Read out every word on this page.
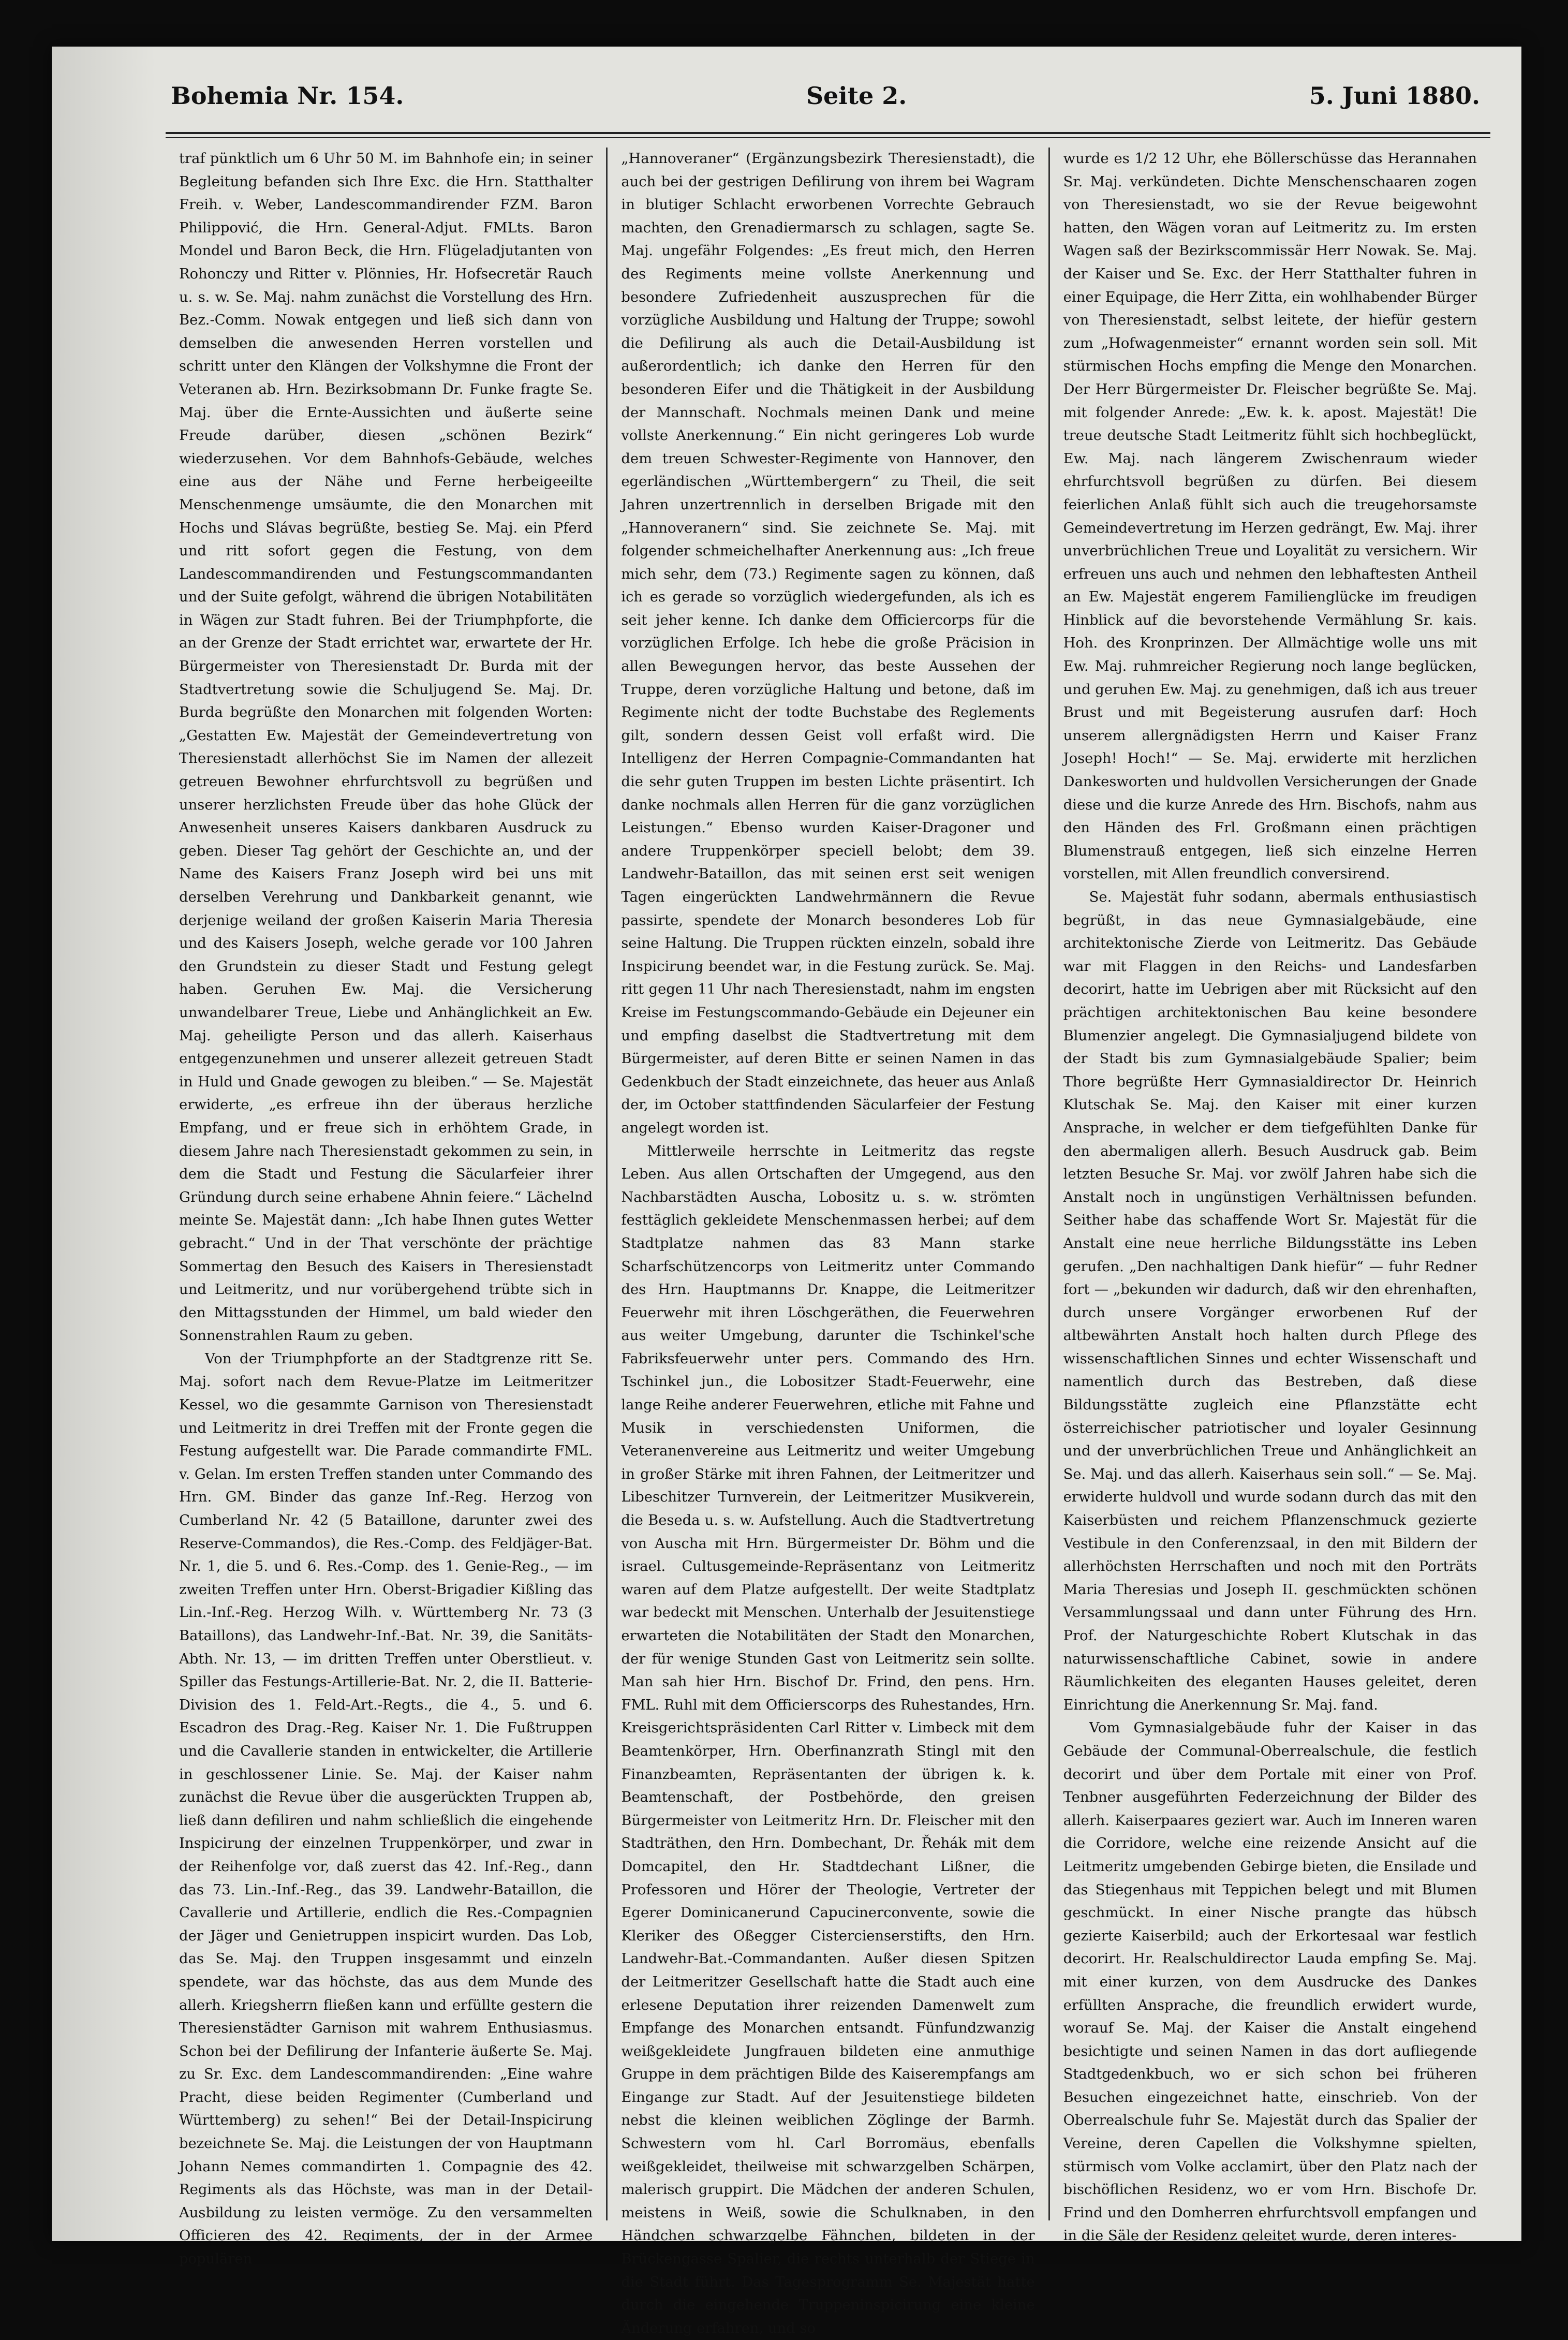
Bohemia Nr. 154.	Seite 2.	5. Juni 1880.

traf pünktlich um 6 Uhr 50 M. im Bahnhofe ein; in seiner Begleitung befanden sich Ihre Exc. die Hrn. Statthalter Freih. v. Weber, Landescommandirender FZM. Baron Philippović, die Hrn. General-Adjut. FMLts. Baron Mondel und Baron Beck, die Hrn. Flügeladjutanten von Rohonczy und Ritter v. Plönnies, Hr. Hofsecretär Rauch u. s. w. Se. Maj. nahm zunächst die Vorstellung des Hrn. Bez.-Comm. Nowak entgegen und ließ sich dann von demselben die anwesenden Herren vorstellen und schritt unter den Klängen der Volkshymne die Front der Veteranen ab. Hrn. Bezirksobmann Dr. Funke fragte Se. Maj. über die Ernte-Aussichten und äußerte seine Freude darüber, diesen „schönen Bezirk“ wiederzusehen. Vor dem Bahnhofs-Gebäude, welches eine aus der Nähe und Ferne herbeigeeilte Menschenmenge umsäumte, die den Monarchen mit Hochs und Slávas begrüßte, bestieg Se. Maj. ein Pferd und ritt sofort gegen die Festung, von dem Landescommandirenden und Festungscommandanten und der Suite gefolgt, während die übrigen Notabilitäten in Wägen zur Stadt fuhren. Bei der Triumphpforte, die an der Grenze der Stadt errichtet war, erwartete der Hr. Bürgermeister von Theresienstadt Dr. Burda mit der Stadtvertretung sowie die Schuljugend Se. Maj. Dr. Burda begrüßte den Monarchen mit folgenden Worten: „Gestatten Ew. Majestät der Gemeindevertretung von Theresienstadt allerhöchst Sie im Namen der allezeit getreuen Bewohner ehrfurchtsvoll zu begrüßen und unserer herzlichsten Freude über das hohe Glück der Anwesenheit unseres Kaisers dankbaren Ausdruck zu geben. Dieser Tag gehört der Geschichte an, und der Name des Kaisers Franz Joseph wird bei uns mit derselben Verehrung und Dankbarkeit genannt, wie derjenige weiland der großen Kaiserin Maria Theresia und des Kaisers Joseph, welche gerade vor 100 Jahren den Grundstein zu dieser Stadt und Festung gelegt haben. Geruhen Ew. Maj. die Versicherung unwandelbarer Treue, Liebe und Anhänglichkeit an Ew. Maj. geheiligte Person und das allerh. Kaiserhaus entgegenzunehmen und unserer allezeit getreuen Stadt in Huld und Gnade gewogen zu bleiben.“ — Se. Majestät erwiderte, „es erfreue ihn der überaus herzliche Empfang, und er freue sich in erhöhtem Grade, in diesem Jahre nach Theresienstadt gekommen zu sein, in dem die Stadt und Festung die Säcularfeier ihrer Gründung durch seine erhabene Ahnin feiere.“ Lächelnd meinte Se. Majestät dann: „Ich habe Ihnen gutes Wetter gebracht.“ Und in der That verschönte der prächtige Sommertag den Besuch des Kaisers in Theresienstadt und Leitmeritz, und nur vorübergehend trübte sich in den Mittagsstunden der Himmel, um bald wieder den Sonnenstrahlen Raum zu geben.

Von der Triumphpforte an der Stadtgrenze ritt Se. Maj. sofort nach dem Revue-Platze im Leitmeritzer Kessel, wo die gesammte Garnison von Theresienstadt und Leitmeritz in drei Treffen mit der Fronte gegen die Festung aufgestellt war. Die Parade commandirte FML. v. Gelan. Im ersten Treffen standen unter Commando des Hrn. GM. Binder das ganze Inf.-Reg. Herzog von Cumberland Nr. 42 (5 Bataillone, darunter zwei des Reserve-Commandos), die Res.-Comp. des Feldjäger-Bat. Nr. 1, die 5. und 6. Res.-Comp. des 1. Genie-Reg., — im zweiten Treffen unter Hrn. Oberst-Brigadier Kißling das Lin.-Inf.-Reg. Herzog Wilh. v. Württemberg Nr. 73 (3 Bataillons), das Landwehr-Inf.-Bat. Nr. 39, die Sanitäts-Abth. Nr. 13, — im dritten Treffen unter Oberstlieut. v. Spiller das Festungs-Artillerie-Bat. Nr. 2, die II. Batterie-Division des 1. Feld-Art.-Regts., die 4., 5. und 6. Escadron des Drag.-Reg. Kaiser Nr. 1. Die Fußtruppen und die Cavallerie standen in entwickelter, die Artillerie in geschlossener Linie. Se. Maj. der Kaiser nahm zunächst die Revue über die ausgerückten Truppen ab, ließ dann defiliren und nahm schließlich die eingehende Inspicirung der einzelnen Truppenkörper, und zwar in der Reihenfolge vor, daß zuerst das 42. Inf.-Reg., dann das 73. Lin.-Inf.-Reg., das 39. Landwehr-Bataillon, die Cavallerie und Artillerie, endlich die Res.-Compagnien der Jäger und Genietruppen inspicirt wurden. Das Lob, das Se. Maj. den Truppen insgesammt und einzeln spendete, war das höchste, das aus dem Munde des allerh. Kriegsherrn fließen kann und erfüllte gestern die Theresienstädter Garnison mit wahrem Enthusiasmus. Schon bei der Defilirung der Infanterie äußerte Se. Maj. zu Sr. Exc. dem Landescommandirenden: „Eine wahre Pracht, diese beiden Regimenter (Cumberland und Württemberg) zu sehen!“ Bei der Detail-Inspicirung bezeichnete Se. Maj. die Leistungen der von Hauptmann Johann Nemes commandirten 1. Compagnie des 42. Regiments als das Höchste, was man in der Detail-Ausbildung zu leisten vermöge. Zu den versammelten Officieren des 42. Regiments, der in der Armee populären

„Hannoveraner“ (Ergänzungsbezirk Theresienstadt), die auch bei der gestrigen Defilirung von ihrem bei Wagram in blutiger Schlacht erworbenen Vorrechte Gebrauch machten, den Grenadiermarsch zu schlagen, sagte Se. Maj. ungefähr Folgendes: „Es freut mich, den Herren des Regiments meine vollste Anerkennung und besondere Zufriedenheit auszusprechen für die vorzügliche Ausbildung und Haltung der Truppe; sowohl die Defilirung als auch die Detail-Ausbildung ist außerordentlich; ich danke den Herren für den besonderen Eifer und die Thätigkeit in der Ausbildung der Mannschaft. Nochmals meinen Dank und meine vollste Anerkennung.“ Ein nicht geringeres Lob wurde dem treuen Schwester-Regimente von Hannover, den egerländischen „Württembergern“ zu Theil, die seit Jahren unzertrennlich in derselben Brigade mit den „Hannoveranern“ sind. Sie zeichnete Se. Maj. mit folgender schmeichelhafter Anerkennung aus: „Ich freue mich sehr, dem (73.) Regimente sagen zu können, daß ich es gerade so vorzüglich wiedergefunden, als ich es seit jeher kenne. Ich danke dem Officiercorps für die vorzüglichen Erfolge. Ich hebe die große Präcision in allen Bewegungen hervor, das beste Aussehen der Truppe, deren vorzügliche Haltung und betone, daß im Regimente nicht der todte Buchstabe des Reglements gilt, sondern dessen Geist voll erfaßt wird. Die Intelligenz der Herren Compagnie-Commandanten hat die sehr guten Truppen im besten Lichte präsentirt. Ich danke nochmals allen Herren für die ganz vorzüglichen Leistungen.“ Ebenso wurden Kaiser-Dragoner und andere Truppenkörper speciell belobt; dem 39. Landwehr-Bataillon, das mit seinen erst seit wenigen Tagen eingerückten Landwehrmännern die Revue passirte, spendete der Monarch besonderes Lob für seine Haltung. Die Truppen rückten einzeln, sobald ihre Inspicirung beendet war, in die Festung zurück. Se. Maj. ritt gegen 11 Uhr nach Theresienstadt, nahm im engsten Kreise im Festungscommando-Gebäude ein Dejeuner ein und empfing daselbst die Stadtvertretung mit dem Bürgermeister, auf deren Bitte er seinen Namen in das Gedenkbuch der Stadt einzeichnete, das heuer aus Anlaß der, im October stattfindenden Säcularfeier der Festung angelegt worden ist.

Mittlerweile herrschte in Leitmeritz das regste Leben. Aus allen Ortschaften der Umgegend, aus den Nachbarstädten Auscha, Lobositz u. s. w. strömten festtäglich gekleidete Menschenmassen herbei; auf dem Stadtplatze nahmen das 83 Mann starke Scharfschützencorps von Leitmeritz unter Commando des Hrn. Hauptmanns Dr. Knappe, die Leitmeritzer Feuerwehr mit ihren Löschgeräthen, die Feuerwehren aus weiter Umgebung, darunter die Tschinkel'sche Fabriksfeuerwehr unter pers. Commando des Hrn. Tschinkel jun., die Lobositzer Stadt-Feuerwehr, eine lange Reihe anderer Feuerwehren, etliche mit Fahne und Musik in verschiedensten Uniformen, die Veteranenvereine aus Leitmeritz und weiter Umgebung in großer Stärke mit ihren Fahnen, der Leitmeritzer und Libeschitzer Turnverein, der Leitmeritzer Musikverein, die Beseda u. s. w. Aufstellung. Auch die Stadtvertretung von Auscha mit Hrn. Bürgermeister Dr. Böhm und die israel. Cultusgemeinde-Repräsentanz von Leitmeritz waren auf dem Platze aufgestellt. Der weite Stadtplatz war bedeckt mit Menschen. Unterhalb der Jesuitenstiege erwarteten die Notabilitäten der Stadt den Monarchen, der für wenige Stunden Gast von Leitmeritz sein sollte. Man sah hier Hrn. Bischof Dr. Frind, den pens. Hrn. FML. Ruhl mit dem Officierscorps des Ruhestandes, Hrn. Kreisgerichtspräsidenten Carl Ritter v. Limbeck mit dem Beamtenkörper, Hrn. Oberfinanzrath Stingl mit den Finanzbeamten, Repräsentanten der übrigen k. k. Beamtenschaft, der Postbehörde, den greisen Bürgermeister von Leitmeritz Hrn. Dr. Fleischer mit den Stadträthen, den Hrn. Dombechant, Dr. Řehák mit dem Domcapitel, den Hr. Stadtdechant Lißner, die Professoren und Hörer der Theologie, Vertreter der Egerer Dominicanerund Capucinerconvente, sowie die Kleriker des Oßegger Cistercienserstifts, den Hrn. Landwehr-Bat.-Commandanten. Außer diesen Spitzen der Leitmeritzer Gesellschaft hatte die Stadt auch eine erlesene Deputation ihrer reizenden Damenwelt zum Empfange des Monarchen entsandt. Fünfundzwanzig weißgekleidete Jungfrauen bildeten eine anmuthige Gruppe in dem prächtigen Bilde des Kaiserempfangs am Eingange zur Stadt. Auf der Jesuitenstiege bildeten nebst die kleinen weiblichen Zöglinge der Barmh. Schwestern vom hl. Carl Borromäus, ebenfalls weißgekleidet, theilweise mit schwarzgelben Schärpen, malerisch gruppirt. Die Mädchen der anderen Schulen, meistens in Weiß, sowie die Schulknaben, in den Händchen schwarzgelbe Fähnchen, bildeten in der Brückengasse Spalier, die rechts unterhalb der Stiege in die Stadt führt. Das Tagesprogramm Se. Majestät hatte durch die eingehende Truppeninspicirung eine kleine Änderung erfahren, und so

wurde es 1/2 12 Uhr, ehe Böllerschüsse das Herannahen Sr. Maj. verkündeten. Dichte Menschenschaaren zogen von Theresienstadt, wo sie der Revue beigewohnt hatten, den Wägen voran auf Leitmeritz zu. Im ersten Wagen saß der Bezirkscommissär Herr Nowak. Se. Maj. der Kaiser und Se. Exc. der Herr Statthalter fuhren in einer Equipage, die Herr Zitta, ein wohlhabender Bürger von Theresienstadt, selbst leitete, der hiefür gestern zum „Hofwagenmeister“ ernannt worden sein soll. Mit stürmischen Hochs empfing die Menge den Monarchen. Der Herr Bürgermeister Dr. Fleischer begrüßte Se. Maj. mit folgender Anrede: „Ew. k. k. apost. Majestät! Die treue deutsche Stadt Leitmeritz fühlt sich hochbeglückt, Ew. Maj. nach längerem Zwischenraum wieder ehrfurchtsvoll begrüßen zu dürfen. Bei diesem feierlichen Anlaß fühlt sich auch die treugehorsamste Gemeindevertretung im Herzen gedrängt, Ew. Maj. ihrer unverbrüchlichen Treue und Loyalität zu versichern. Wir erfreuen uns auch und nehmen den lebhaftesten Antheil an Ew. Majestät engerem Familienglücke im freudigen Hinblick auf die bevorstehende Vermählung Sr. kais. Hoh. des Kronprinzen. Der Allmächtige wolle uns mit Ew. Maj. ruhmreicher Regierung noch lange beglücken, und geruhen Ew. Maj. zu genehmigen, daß ich aus treuer Brust und mit Begeisterung ausrufen darf: Hoch unserem allergnädigsten Herrn und Kaiser Franz Joseph! Hoch!“ — Se. Maj. erwiderte mit herzlichen Dankesworten und huldvollen Versicherungen der Gnade diese und die kurze Anrede des Hrn. Bischofs, nahm aus den Händen des Frl. Großmann einen prächtigen Blumenstrauß entgegen, ließ sich einzelne Herren vorstellen, mit Allen freundlich conversirend.

Se. Majestät fuhr sodann, abermals enthusiastisch begrüßt, in das neue Gymnasialgebäude, eine architektonische Zierde von Leitmeritz. Das Gebäude war mit Flaggen in den Reichs- und Landesfarben decorirt, hatte im Uebrigen aber mit Rücksicht auf den prächtigen architektonischen Bau keine besondere Blumenzier angelegt. Die Gymnasialjugend bildete von der Stadt bis zum Gymnasialgebäude Spalier; beim Thore begrüßte Herr Gymnasialdirector Dr. Heinrich Klutschak Se. Maj. den Kaiser mit einer kurzen Ansprache, in welcher er dem tiefgefühlten Danke für den abermaligen allerh. Besuch Ausdruck gab. Beim letzten Besuche Sr. Maj. vor zwölf Jahren habe sich die Anstalt noch in ungünstigen Verhältnissen befunden. Seither habe das schaffende Wort Sr. Majestät für die Anstalt eine neue herrliche Bildungsstätte ins Leben gerufen. „Den nachhaltigen Dank hiefür“ — fuhr Redner fort — „bekunden wir dadurch, daß wir den ehrenhaften, durch unsere Vorgänger erworbenen Ruf der altbewährten Anstalt hoch halten durch Pflege des wissenschaftlichen Sinnes und echter Wissenschaft und namentlich durch das Bestreben, daß diese Bildungsstätte zugleich eine Pflanzstätte echt österreichischer patriotischer und loyaler Gesinnung und der unverbrüchlichen Treue und Anhänglichkeit an Se. Maj. und das allerh. Kaiserhaus sein soll.“ — Se. Maj. erwiderte huldvoll und wurde sodann durch das mit den Kaiserbüsten und reichem Pflanzenschmuck gezierte Vestibule in den Conferenzsaal, in den mit Bildern der allerhöchsten Herrschaften und noch mit den Porträts Maria Theresias und Joseph II. geschmückten schönen Versammlungssaal und dann unter Führung des Hrn. Prof. der Naturgeschichte Robert Klutschak in das naturwissenschaftliche Cabinet, sowie in andere Räumlichkeiten des eleganten Hauses geleitet, deren Einrichtung die Anerkennung Sr. Maj. fand.

Vom Gymnasialgebäude fuhr der Kaiser in das Gebäude der Communal-Oberrealschule, die festlich decorirt und über dem Portale mit einer von Prof. Tenbner ausgeführten Federzeichnung der Bilder des allerh. Kaiserpaares geziert war. Auch im Inneren waren die Corridore, welche eine reizende Ansicht auf die Leitmeritz umgebenden Gebirge bieten, die Ensilade und das Stiegenhaus mit Teppichen belegt und mit Blumen geschmückt. In einer Nische prangte das hübsch gezierte Kaiserbild; auch der Erkortesaal war festlich decorirt. Hr. Realschuldirector Lauda empfing Se. Maj. mit einer kurzen, von dem Ausdrucke des Dankes erfüllten Ansprache, die freundlich erwidert wurde, worauf Se. Maj. der Kaiser die Anstalt eingehend besichtigte und seinen Namen in das dort aufliegende Stadtgedenkbuch, wo er sich schon bei früheren Besuchen eingezeichnet hatte, einschrieb. Von der Oberrealschule fuhr Se. Majestät durch das Spalier der Vereine, deren Capellen die Volkshymne spielten, stürmisch vom Volke acclamirt, über den Platz nach der bischöflichen Residenz, wo er vom Hrn. Bischofe Dr. Frind und den Domherren ehrfurchtsvoll empfangen und in die Säle der Residenz geleitet wurde, deren interes-
